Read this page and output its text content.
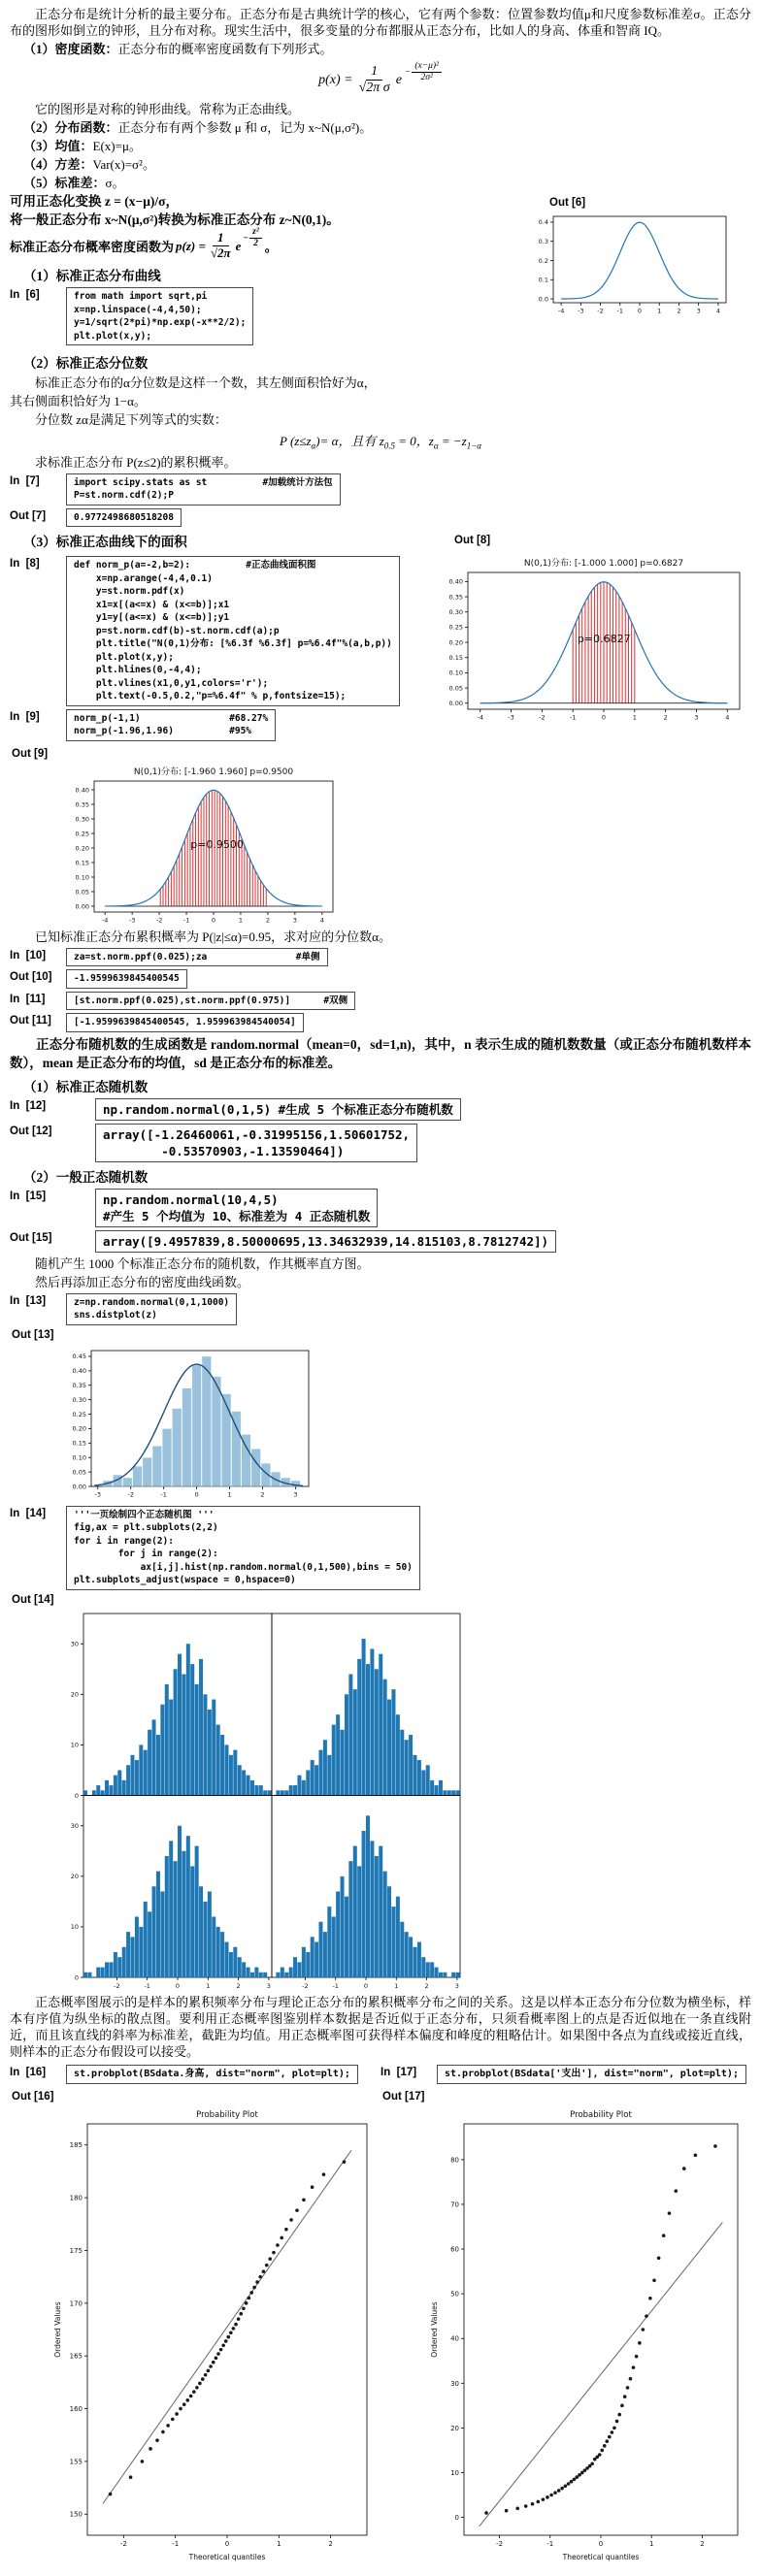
正态分布是统计分析的最主要分布。正态分布是古典统计学的核心，它有两个参数：位置参数均值μ和尺度参数标准差σ。正态分布的图形如倒立的钟形，且分布对称。现实生活中，很多变量的分布都服从正态分布，比如人的身高、体重和智商 IQ。

（1）密度函数：正态分布的概率密度函数有下列形式。

$p(x) = \frac{1}{\text{√2π σ}}$ $e - \frac{\text{(x−μ)²}}{\text{2σ²}}$

它的图形是对称的钟形曲线。常称为正态曲线。

（2）分布函数：正态分布有两个参数 μ 和 σ，记为 x~N(μ,σ²)。

（3）均值：E(x)=μ。

（4）方差：Var(x)=σ²。

（5）标准差：σ。

Out [6]
-4 -3 -2 -1 0 1 2 3 4
0.0
0.1
0.2
0.3
0.4

可用正态化变换 z = (x−μ)/σ，

将一般正态分布 x~N(μ,σ²)转换为标准正态分布 z~N(0,1)。

标准正态分布概率密度函数为 $p(z) = \frac{1}{√2\pi}$ $e - \frac{\text{z²}}{2}$ 。
（1）标准正态分布曲线
In  [6]	from math import sqrt,pi
x=np.linspace(-4,4,50);
y=1/sqrt(2*pi)*np.exp(-x**2/2);
plt.plot(x,y);
（2）标准正态分位数

标准正态分布的α分位数是这样一个数，其左侧面积恰好为α，

其右侧面积恰好为 1−α。

分位数 zα是满足下列等式的实数：

P $(z\le z_\alpha)= \alpha$，且有 $z_{0.5} = 0$，$z_\alpha = -z_{1-\alpha}$

求标准正态分布 P(z≤2)的累积概率。

In  [7]	import scipy.stats as st          #加载统计方法包
P=st.norm.cdf(2);P
Out [7]	0.9772498680518208
（3）标准正态曲线下的面积	Out [8]
In  [8]	def norm_p(a=-2,b=2):          #正态曲线面积图
x=np.arange(-4,4,0.1)
y=st.norm.pdf(x)
x1=x[(a<=x) & (x<=b)];x1
y1=y[(a<=x) & (x<=b)];y1
p=st.norm.cdf(b)-st.norm.cdf(a);p
plt.title("N(0,1)分布: [%6.3f %6.3f] p=%6.4f"%(a,b,p))
plt.plot(x,y);
plt.hlines(0,-4,4);
plt.vlines(x1,0,y1,colors='r');
plt.text(-0.5,0.2,"p=%6.4f" % p,fontsize=15);
In  [9]	norm_p(-1,1)                #68.27%
norm_p(-1.96,1.96)          #95%
-4	-3	-2	-1	0	1	2	3	4
0.00
0.05
0.10
0.15
0.20
0.25
0.30
0.35
0.40
N(0,1)分布: [-1.000 1.000] p=0.6827
p=0.6827
Out [9]
-4	-3	-2	-1	0	1	2	3	4
0.00
0.05
0.10
0.15
0.20
0.25
0.30
0.35
0.40
N(0,1)分布: [-1.960 1.960] p=0.9500
p=0.9500

已知标准正态分布累积概率为 P(|z|≤α)=0.95，求对应的分位数α。

In  [10]	za=st.norm.ppf(0.025);za                #单侧
Out [10]	-1.9599639845400545
In  [11]	[st.norm.ppf(0.025),st.norm.ppf(0.975)]      #双侧
Out [11]	[-1.9599639845400545, 1.959963984540054]

正态分布随机数的生成函数是 random.normal（mean=0，sd=1,n)，其中，n 表示生成的随机数数量（或正态分布随机数样本数），mean 是正态分布的均值，sd 是正态分布的标准差。

（1）标准正态随机数
In  [12]	np.random.normal(0,1,5) #生成 5 个标准正态分布随机数
Out [12]	array([-1.26460061,-0.31995156,1.50601752,
-0.53570903,-1.13590464])
（2）一般正态随机数
In  [15]	np.random.normal(10,4,5)
#产生 5 个均值为 10、标准差为 4 正态随机数
Out [15]	array([9.4957839,8.50000695,13.34632939,14.815103,8.7812742])

随机产生 1000 个标准正态分布的随机数，作其概率直方图。

然后再添加正态分布的密度曲线函数。

In  [13]	z=np.random.normal(0,1,1000)
sns.distplot(z)
Out [13]
-3	-2	-1	0	1	2	3
0.00
0.05
0.10
0.15
0.20
0.25
0.30
0.35
0.40
0.45
In  [14]	'''一页绘制四个正态随机图 '''
fig,ax = plt.subplots(2,2)
for i in range(2):
for j in range(2):
ax[i,j].hist(np.random.normal(0,1,500),bins = 50)
plt.subplots_adjust(wspace = 0,hspace=0)
Out [14]
0
10
20
30
-2	-1	0	1	2	3
0
10
20
30
-2	-1	0	1	2	3

正态概率图展示的是样本的累积频率分布与理论正态分布的累积概率分布之间的关系。这是以样本正态分布分位数为横坐标，样本有序值为纵坐标的散点图。要利用正态概率图鉴别样本数据是否近似于正态分布，只须看概率图上的点是否近似地在一条直线附近，而且该直线的斜率为标准差，截距为均值。用正态概率图可获得样本偏度和峰度的粗略估计。如果图中各点为直线或接近直线，则样本的正态分布假设可以接受。

In  [16]	st.probplot(BSdata.身高, dist="norm", plot=plt);	In  [17]	st.probplot(BSdata['支出'], dist="norm", plot=plt);
Out [16]
-2	-1	0	1	2
150
155
160
165
170
175
180
185
Probability Plot
Theoretical quantiles
Ordered Values
Out [17]
-2	-1	0	1	2
0
10
20
30
40
50
60
70
80
Probability Plot
Theoretical quantiles
Ordered Values
